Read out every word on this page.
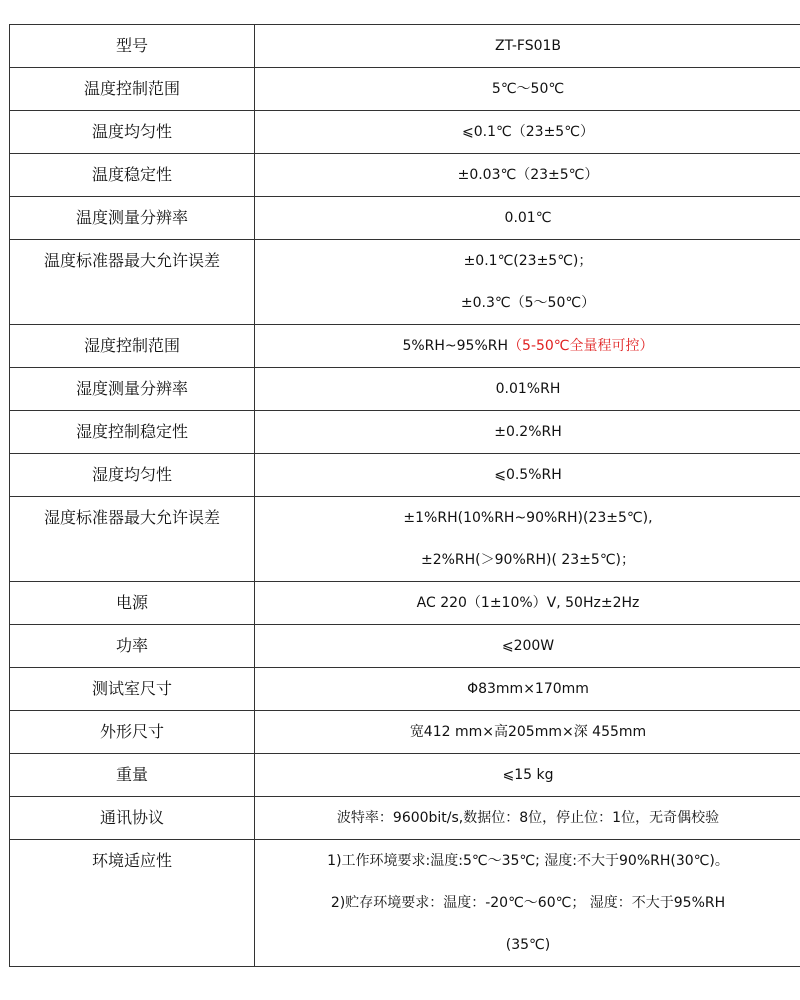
型号	ZT-FS01B

温度控制范围	5℃～50℃

温度均匀性	⩽0.1℃（23±5℃）

温度稳定性	±0.03℃（23±5℃）

温度测量分辨率	0.01℃

温度标准器最大允许误差	±0.1℃(23±5℃)；
±0.3℃（5～50℃）

湿度控制范围	5%RH~95%RH（5-50℃全量程可控）

湿度测量分辨率	0.01%RH

湿度控制稳定性	±0.2%RH

湿度均匀性	⩽0.5%RH

湿度标准器最大允许误差	±1%RH(10%RH~90%RH)(23±5℃),
±2%RH(＞90%RH)( 23±5℃)；

电源	AC 220（1±10%）V, 50Hz±2Hz

功率	⩽200W

测试室尺寸	Φ83mm×170mm

外形尺寸	宽412 mm×高205mm×深 455mm

重量	⩽15 kg

通讯协议	波特率：9600bit/s,数据位：8位，停止位：1位，无奇偶校验

环境适应性	1)工作环境要求:温度:5℃～35℃; 湿度:不大于90%RH(30℃)。
2)贮存环境要求：温度：-20℃～60℃； 湿度：不大于95%RH
(35℃)
